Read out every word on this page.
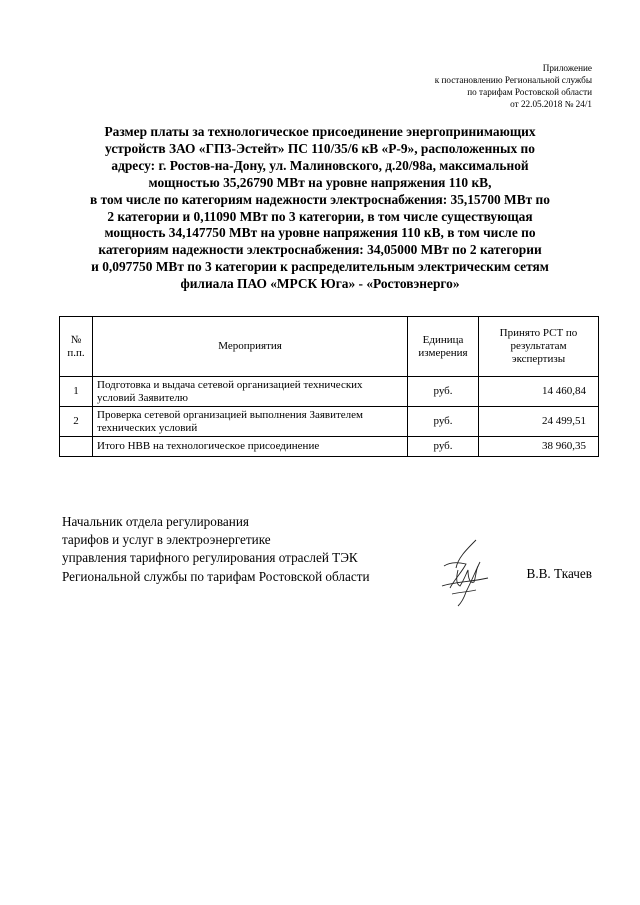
Приложение
к постановлению Региональной службы
по тарифам Ростовской области
от 22.05.2018 № 24/1
Размер платы за технологическое присоединение энергопринимающих
устройств ЗАО «ГПЗ-Эстейт» ПС 110/35/6 кВ «Р-9», расположенных по
адресу: г. Ростов-на-Дону, ул. Малиновского, д.20/98а, максимальной
мощностью 35,26790 МВт на уровне напряжения 110 кВ,
в том числе по категориям надежности электроснабжения: 35,15700 МВт по
2 категории и 0,11090 МВт по 3 категории, в том числе существующая
мощность 34,147750 МВт на уровне напряжения 110 кВ, в том числе по
категориям надежности электроснабжения: 34,05000 МВт по 2 категории
и 0,097750 МВт по 3 категории к распределительным электрическим сетям
филиала ПАО «МРСК Юга» - «Ростовэнерго»
№ п.п.	Мероприятия	Единица измерения	Принято РСТ по результатам экспертизы
1	Подготовка и выдача сетевой организацией технических условий Заявителю	руб.	14 460,84
2	Проверка сетевой организацией выполнения Заявителем технических условий	руб.	24 499,51
	Итого НВВ на технологическое присоединение	руб.	38 960,35
Начальник отдела регулирования
тарифов и услуг в электроэнергетике
управления тарифного регулирования отраслей ТЭК
Региональной службы по тарифам Ростовской области	В.В. Ткачев
